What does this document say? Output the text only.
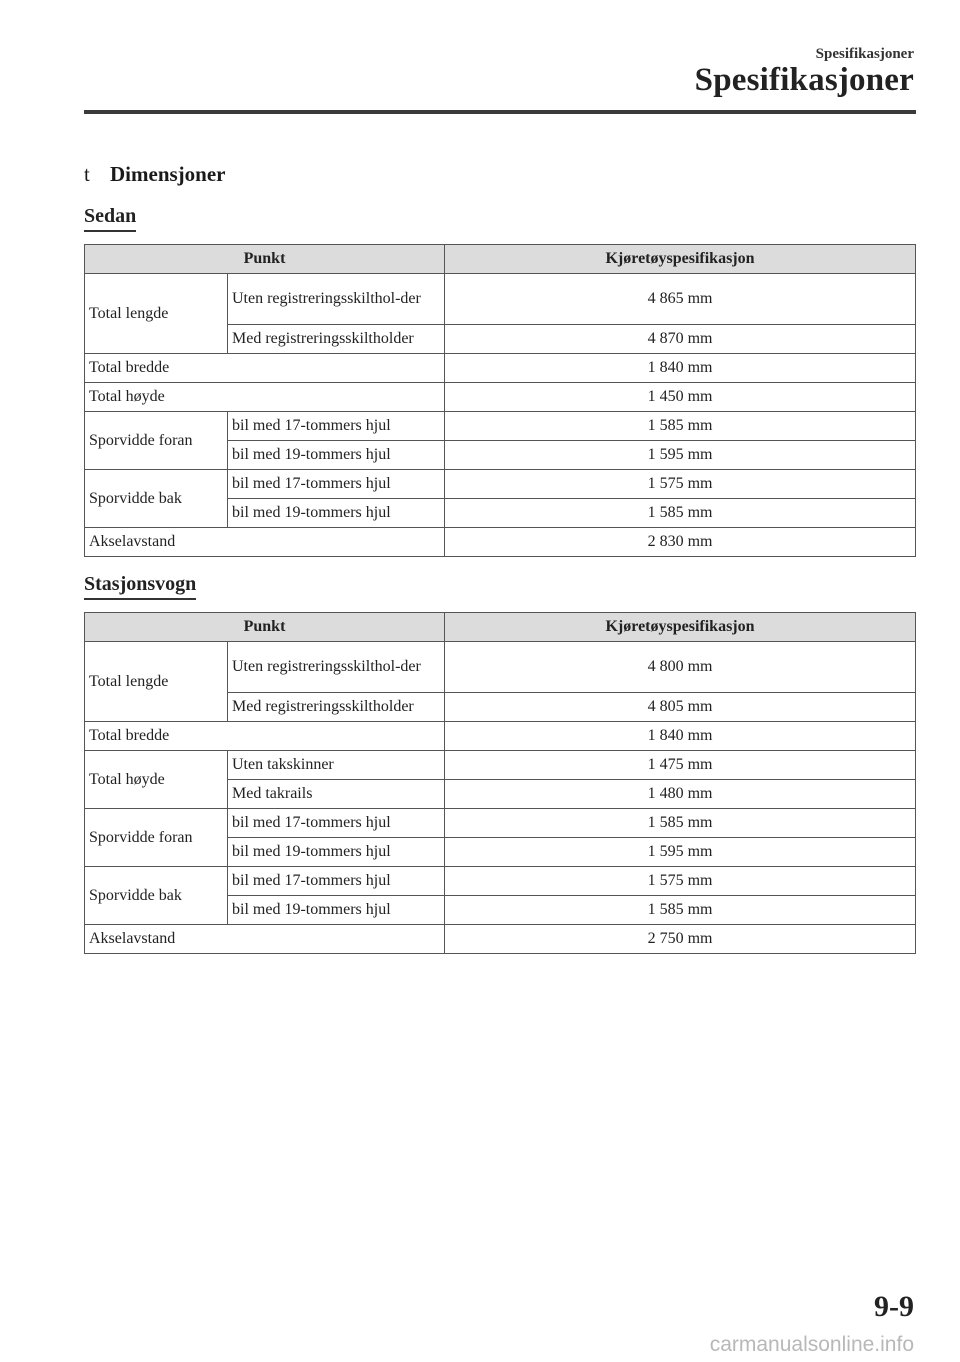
Spesifikasjoner
Spesifikasjoner
t Dimensjoner
Sedan
Punkt		Kjøretøyspesifikasjon
Total lengde	Uten registreringsskilthol-der	4 865 mm
	Med registreringsskiltholder	4 870 mm
Total bredde		1 840 mm
Total høyde		1 450 mm
Sporvidde foran	bil med 17-tommers hjul	1 585 mm
	bil med 19-tommers hjul	1 595 mm
Sporvidde bak	bil med 17-tommers hjul	1 575 mm
	bil med 19-tommers hjul	1 585 mm
Akselavstand		2 830 mm
Stasjonsvogn
Punkt		Kjøretøyspesifikasjon
Total lengde	Uten registreringsskilthol-der	4 800 mm
	Med registreringsskiltholder	4 805 mm
Total bredde		1 840 mm
Total høyde	Uten takskinner	1 475 mm
	Med takrails	1 480 mm
Sporvidde foran	bil med 17-tommers hjul	1 585 mm
	bil med 19-tommers hjul	1 595 mm
Sporvidde bak	bil med 17-tommers hjul	1 575 mm
	bil med 19-tommers hjul	1 585 mm
Akselavstand		2 750 mm
9-9
carmanualsonline.info
